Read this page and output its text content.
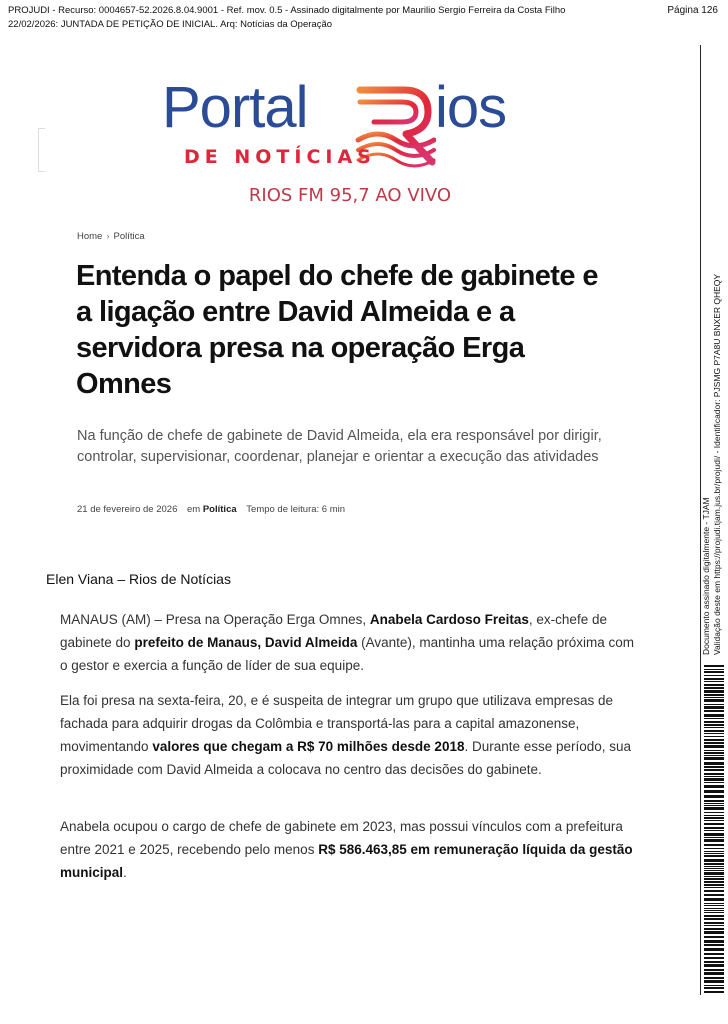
PROJUDI - Recurso: 0004657-52.2026.8.04.9001 - Ref. mov. 0.5 - Assinado digitalmente por Maurilio Sergio Ferreira da Costa Filho
22/02/2026: JUNTADA DE PETIÇÃO DE INICIAL. Arq: Notícias da Operação
Página 126
Portal ios
DE NOTÍCIAS
RIOS FM 95,7 AO VIVO
Home › Política
Entenda o papel do chefe de gabinete e a ligação entre David Almeida e a servidora presa na operação Erga Omnes

Na função de chefe de gabinete de David Almeida, ela era responsável por dirigir, controlar, supervisionar, coordenar, planejar e orientar a execução das atividades

21 de fevereiro de 2026 em Política Tempo de leitura: 6 min
Elen Viana – Rios de Notícias

MANAUS (AM) – Presa na Operação Erga Omnes, Anabela Cardoso Freitas, ex-chefe de gabinete do prefeito de Manaus, David Almeida (Avante), mantinha uma relação próxima com o gestor e exercia a função de líder de sua equipe.

Ela foi presa na sexta-feira, 20, e é suspeita de integrar um grupo que utilizava empresas de fachada para adquirir drogas da Colômbia e transportá-las para a capital amazonense, movimentando valores que chegam a R$ 70 milhões desde 2018. Durante esse período, sua proximidade com David Almeida a colocava no centro das decisões do gabinete.

Anabela ocupou o cargo de chefe de gabinete em 2023, mas possui vínculos com a prefeitura entre 2021 e 2025, recebendo pelo menos R$ 586.463,85 em remuneração líquida da gestão municipal.

Documento assinado digitalmente - TJAM Validação deste em https://projudi.tjam.jus.br/projudi/ - Identificador: PJSMG P7A8U BNXER QHEQY
